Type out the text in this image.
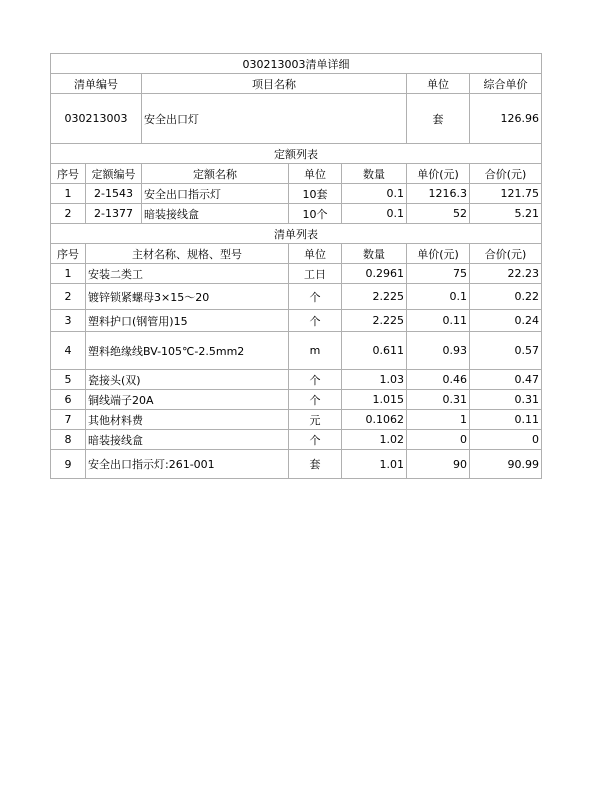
030213003清单详细						
清单编号		项目名称			单位	综合单价
030213003		安全出口灯			套	126.96
定额列表						
序号	定额编号	定额名称	单位	数量	单价(元)	合价(元)
1	2-1543	安全出口指示灯	10套	0.1	1216.3	121.75
2	2-1377	暗装接线盒	10个	0.1	52	5.21
清单列表						
序号	主材名称、规格、型号		单位	数量	单价(元)	合价(元)
1	安装二类工		工日	0.2961	75	22.23
2	镀锌锁紧螺母3×15～20		个	2.225	0.1	0.22
3	塑料护口(钢管用)15		个	2.225	0.11	0.24
4	塑料绝缘线BV-105℃-2.5mm2		m	0.611	0.93	0.57
5	瓷接头(双)		个	1.03	0.46	0.47
6	铜线端子20A		个	1.015	0.31	0.31
7	其他材料费		元	0.1062	1	0.11
8	暗装接线盒		个	1.02	0	0
9	安全出口指示灯:261-001		套	1.01	90	90.99
